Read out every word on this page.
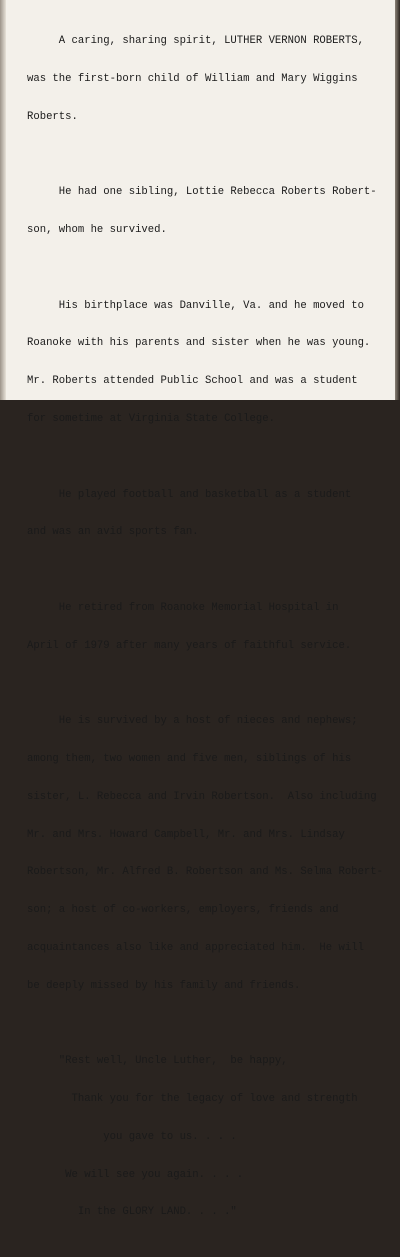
A caring, sharing spirit, LUTHER VERNON ROBERTS,

was the first-born child of William and Mary Wiggins

Roberts.

He had one sibling, Lottie Rebecca Roberts Robert-

son, whom he survived.

His birthplace was Danville, Va. and he moved to

Roanoke with his parents and sister when he was young.

Mr. Roberts attended Public School and was a student

for sometime at Virginia State College.

He played football and basketball as a student

and was an avid sports fan.

He retired from Roanoke Memorial Hospital in

April of 1979 after many years of faithful service.

He is survived by a host of nieces and nephews;

among them, two women and five men, siblings of his

sister, L. Rebecca and Irvin Robertson.  Also including

Mr. and Mrs. Howard Campbell, Mr. and Mrs. Lindsay

Robertson, Mr. Alfred B. Robertson and Ms. Selma Robert-

son; a host of co-workers, employers, friends and

acquaintances also like and appreciated him.  He will

be deeply missed by his family and friends.

"Rest well, Uncle Luther,  be happy,

Thank you for the legacy of love and strength

you gave to us. . . .

We will see you again. . . .

In the GLORY LAND. . . ."
